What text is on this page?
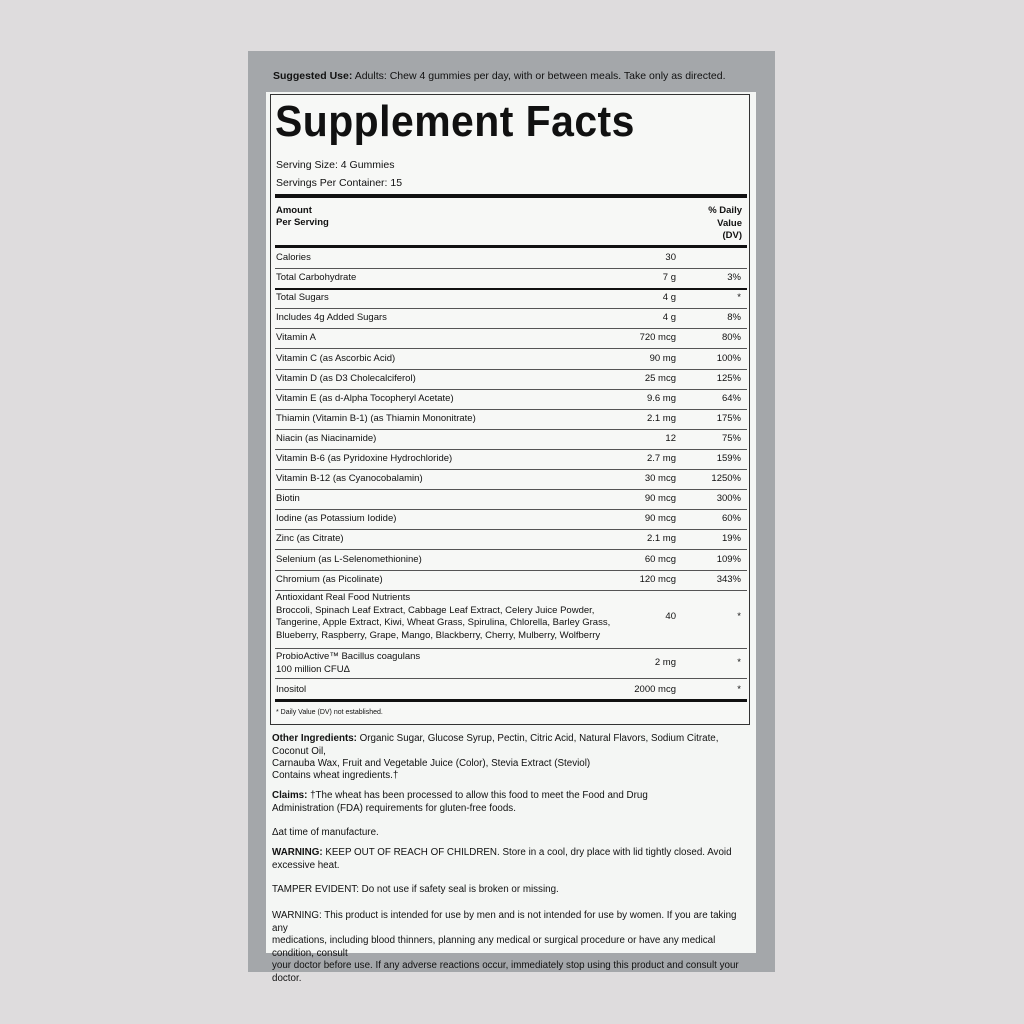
Suggested Use: Adults: Chew 4 gummies per day, with or between meals. Take only as directed.
Supplement Facts
Serving Size: 4 Gummies
Servings Per Container: 15
Amount
Per Serving
% Daily
Value
(DV)
Calories	30
Total Carbohydrate	7 g	3%
Total Sugars	4 g	*
Includes 4g Added Sugars	4 g	8%
Vitamin A	720 mcg	80%
Vitamin C (as Ascorbic Acid)	90 mg	100%
Vitamin D (as D3 Cholecalciferol)	25 mcg	125%
Vitamin E (as d-Alpha Tocopheryl Acetate)	9.6 mg	64%
Thiamin (Vitamin B-1) (as Thiamin Mononitrate)	2.1 mg	175%
Niacin (as Niacinamide)	12	75%
Vitamin B-6 (as Pyridoxine Hydrochloride)	2.7 mg	159%
Vitamin B-12 (as Cyanocobalamin)	30 mcg	1250%
Biotin	90 mcg	300%
Iodine (as Potassium Iodide)	90 mcg	60%
Zinc (as Citrate)	2.1 mg	19%
Selenium (as L-Selenomethionine)	60 mcg	109%
Chromium (as Picolinate)	120 mcg	343%
Antioxidant Real Food Nutrients
Broccoli, Spinach Leaf Extract, Cabbage Leaf Extract, Celery Juice Powder,
Tangerine, Apple Extract, Kiwi, Wheat Grass, Spirulina, Chlorella, Barley Grass,
Blueberry, Raspberry, Grape, Mango, Blackberry, Cherry, Mulberry, Wolfberry
40	*
ProbioActive™ Bacillus coagulans
100 million CFUΔ
2 mg	*
Inositol	2000 mcg	*
* Daily Value (DV) not established.
Other Ingredients: Organic Sugar, Glucose Syrup, Pectin, Citric Acid, Natural Flavors, Sodium Citrate, Coconut Oil,
Carnauba Wax, Fruit and Vegetable Juice (Color), Stevia Extract (Steviol)
Contains wheat ingredients.†
Claims: †The wheat has been processed to allow this food to meet the Food and Drug
Administration (FDA) requirements for gluten-free foods.
Δat time of manufacture.
WARNING: KEEP OUT OF REACH OF CHILDREN. Store in a cool, dry place with lid tightly closed. Avoid
excessive heat.
TAMPER EVIDENT: Do not use if safety seal is broken or missing.
WARNING: This product is intended for use by men and is not intended for use by women. If you are taking any
medications, including blood thinners, planning any medical or surgical procedure or have any medical condition, consult
your doctor before use. If any adverse reactions occur, immediately stop using this product and consult your doctor.
